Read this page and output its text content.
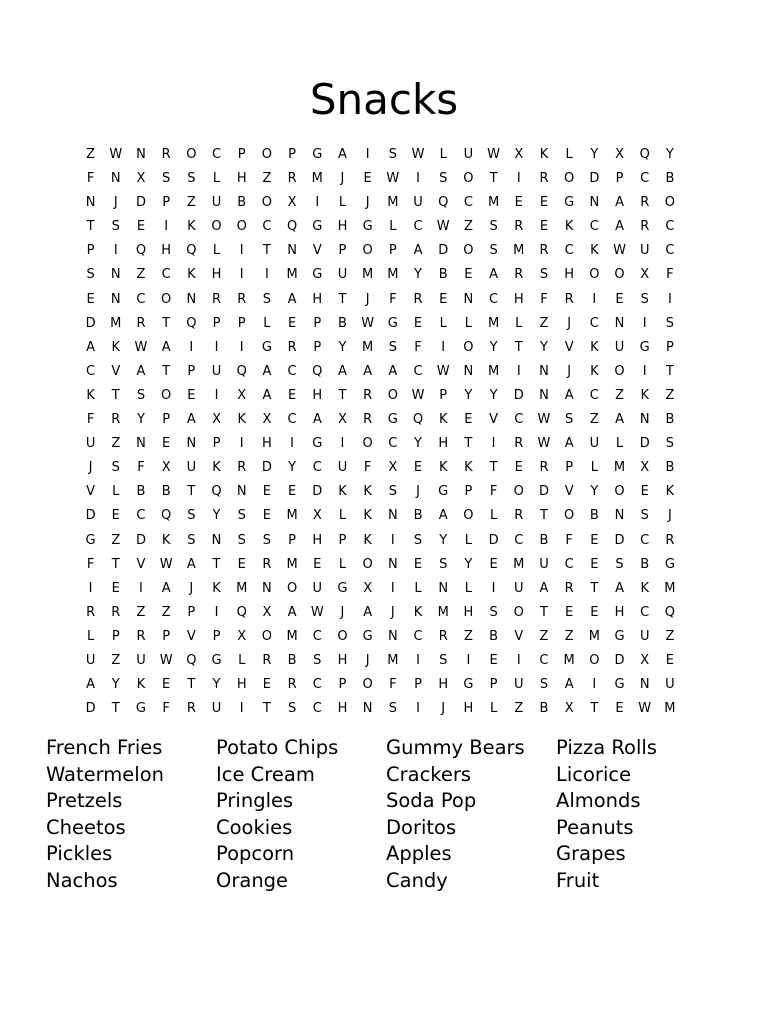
Snacks
Z	W	N	R	O	C	P	O	P	G	A	I	S	W	L	U	W	X	K	L	Y	X	Q	Y
F	N	X	S	S	L	H	Z	R	M	J	E	W	I	S	O	T	I	R	O	D	P	C	B
N	J	D	P	Z	U	B	O	X	I	L	J	M	U	Q	C	M	E	E	G	N	A	R	O
T	S	E	I	K	O	O	C	Q	G	H	G	L	C	W	Z	S	R	E	K	C	A	R	C
P	I	Q	H	Q	L	I	T	N	V	P	O	P	A	D	O	S	M	R	C	K	W	U	C
S	N	Z	C	K	H	I	I	M	G	U	M	M	Y	B	E	A	R	S	H	O	O	X	F
E	N	C	O	N	R	R	S	A	H	T	J	F	R	E	N	C	H	F	R	I	E	S	I
D	M	R	T	Q	P	P	L	E	P	B	W	G	E	L	L	M	L	Z	J	C	N	I	S
A	K	W	A	I	I	I	G	R	P	Y	M	S	F	I	O	Y	T	Y	V	K	U	G	P
C	V	A	T	P	U	Q	A	C	Q	A	A	A	C	W	N	M	I	N	J	K	O	I	T
K	T	S	O	E	I	X	A	E	H	T	R	O	W	P	Y	Y	D	N	A	C	Z	K	Z
F	R	Y	P	A	X	K	X	C	A	X	R	G	Q	K	E	V	C	W	S	Z	A	N	B
U	Z	N	E	N	P	I	H	I	G	I	O	C	Y	H	T	I	R	W	A	U	L	D	S
J	S	F	X	U	K	R	D	Y	C	U	F	X	E	K	K	T	E	R	P	L	M	X	B
V	L	B	B	T	Q	N	E	E	D	K	K	S	J	G	P	F	O	D	V	Y	O	E	K
D	E	C	Q	S	Y	S	E	M	X	L	K	N	B	A	O	L	R	T	O	B	N	S	J
G	Z	D	K	S	N	S	S	P	H	P	K	I	S	Y	L	D	C	B	F	E	D	C	R
F	T	V	W	A	T	E	R	M	E	L	O	N	E	S	Y	E	M	U	C	E	S	B	G
I	E	I	A	J	K	M	N	O	U	G	X	I	L	N	L	I	U	A	R	T	A	K	M
R	R	Z	Z	P	I	Q	X	A	W	J	A	J	K	M	H	S	O	T	E	E	H	C	Q
L	P	R	P	V	P	X	O	M	C	O	G	N	C	R	Z	B	V	Z	Z	M	G	U	Z
U	Z	U	W	Q	G	L	R	B	S	H	J	M	I	S	I	E	I	C	M	O	D	X	E
A	Y	K	E	T	Y	H	E	R	C	P	O	F	P	H	G	P	U	S	A	I	G	N	U
D	T	G	F	R	U	I	T	S	C	H	N	S	I	J	H	L	Z	B	X	T	E	W	M
French Fries
Watermelon
Pretzels
Cheetos
Pickles
Nachos
Potato Chips
Ice Cream
Pringles
Cookies
Popcorn
Orange
Gummy Bears
Crackers
Soda Pop
Doritos
Apples
Candy
Pizza Rolls
Licorice
Almonds
Peanuts
Grapes
Fruit
